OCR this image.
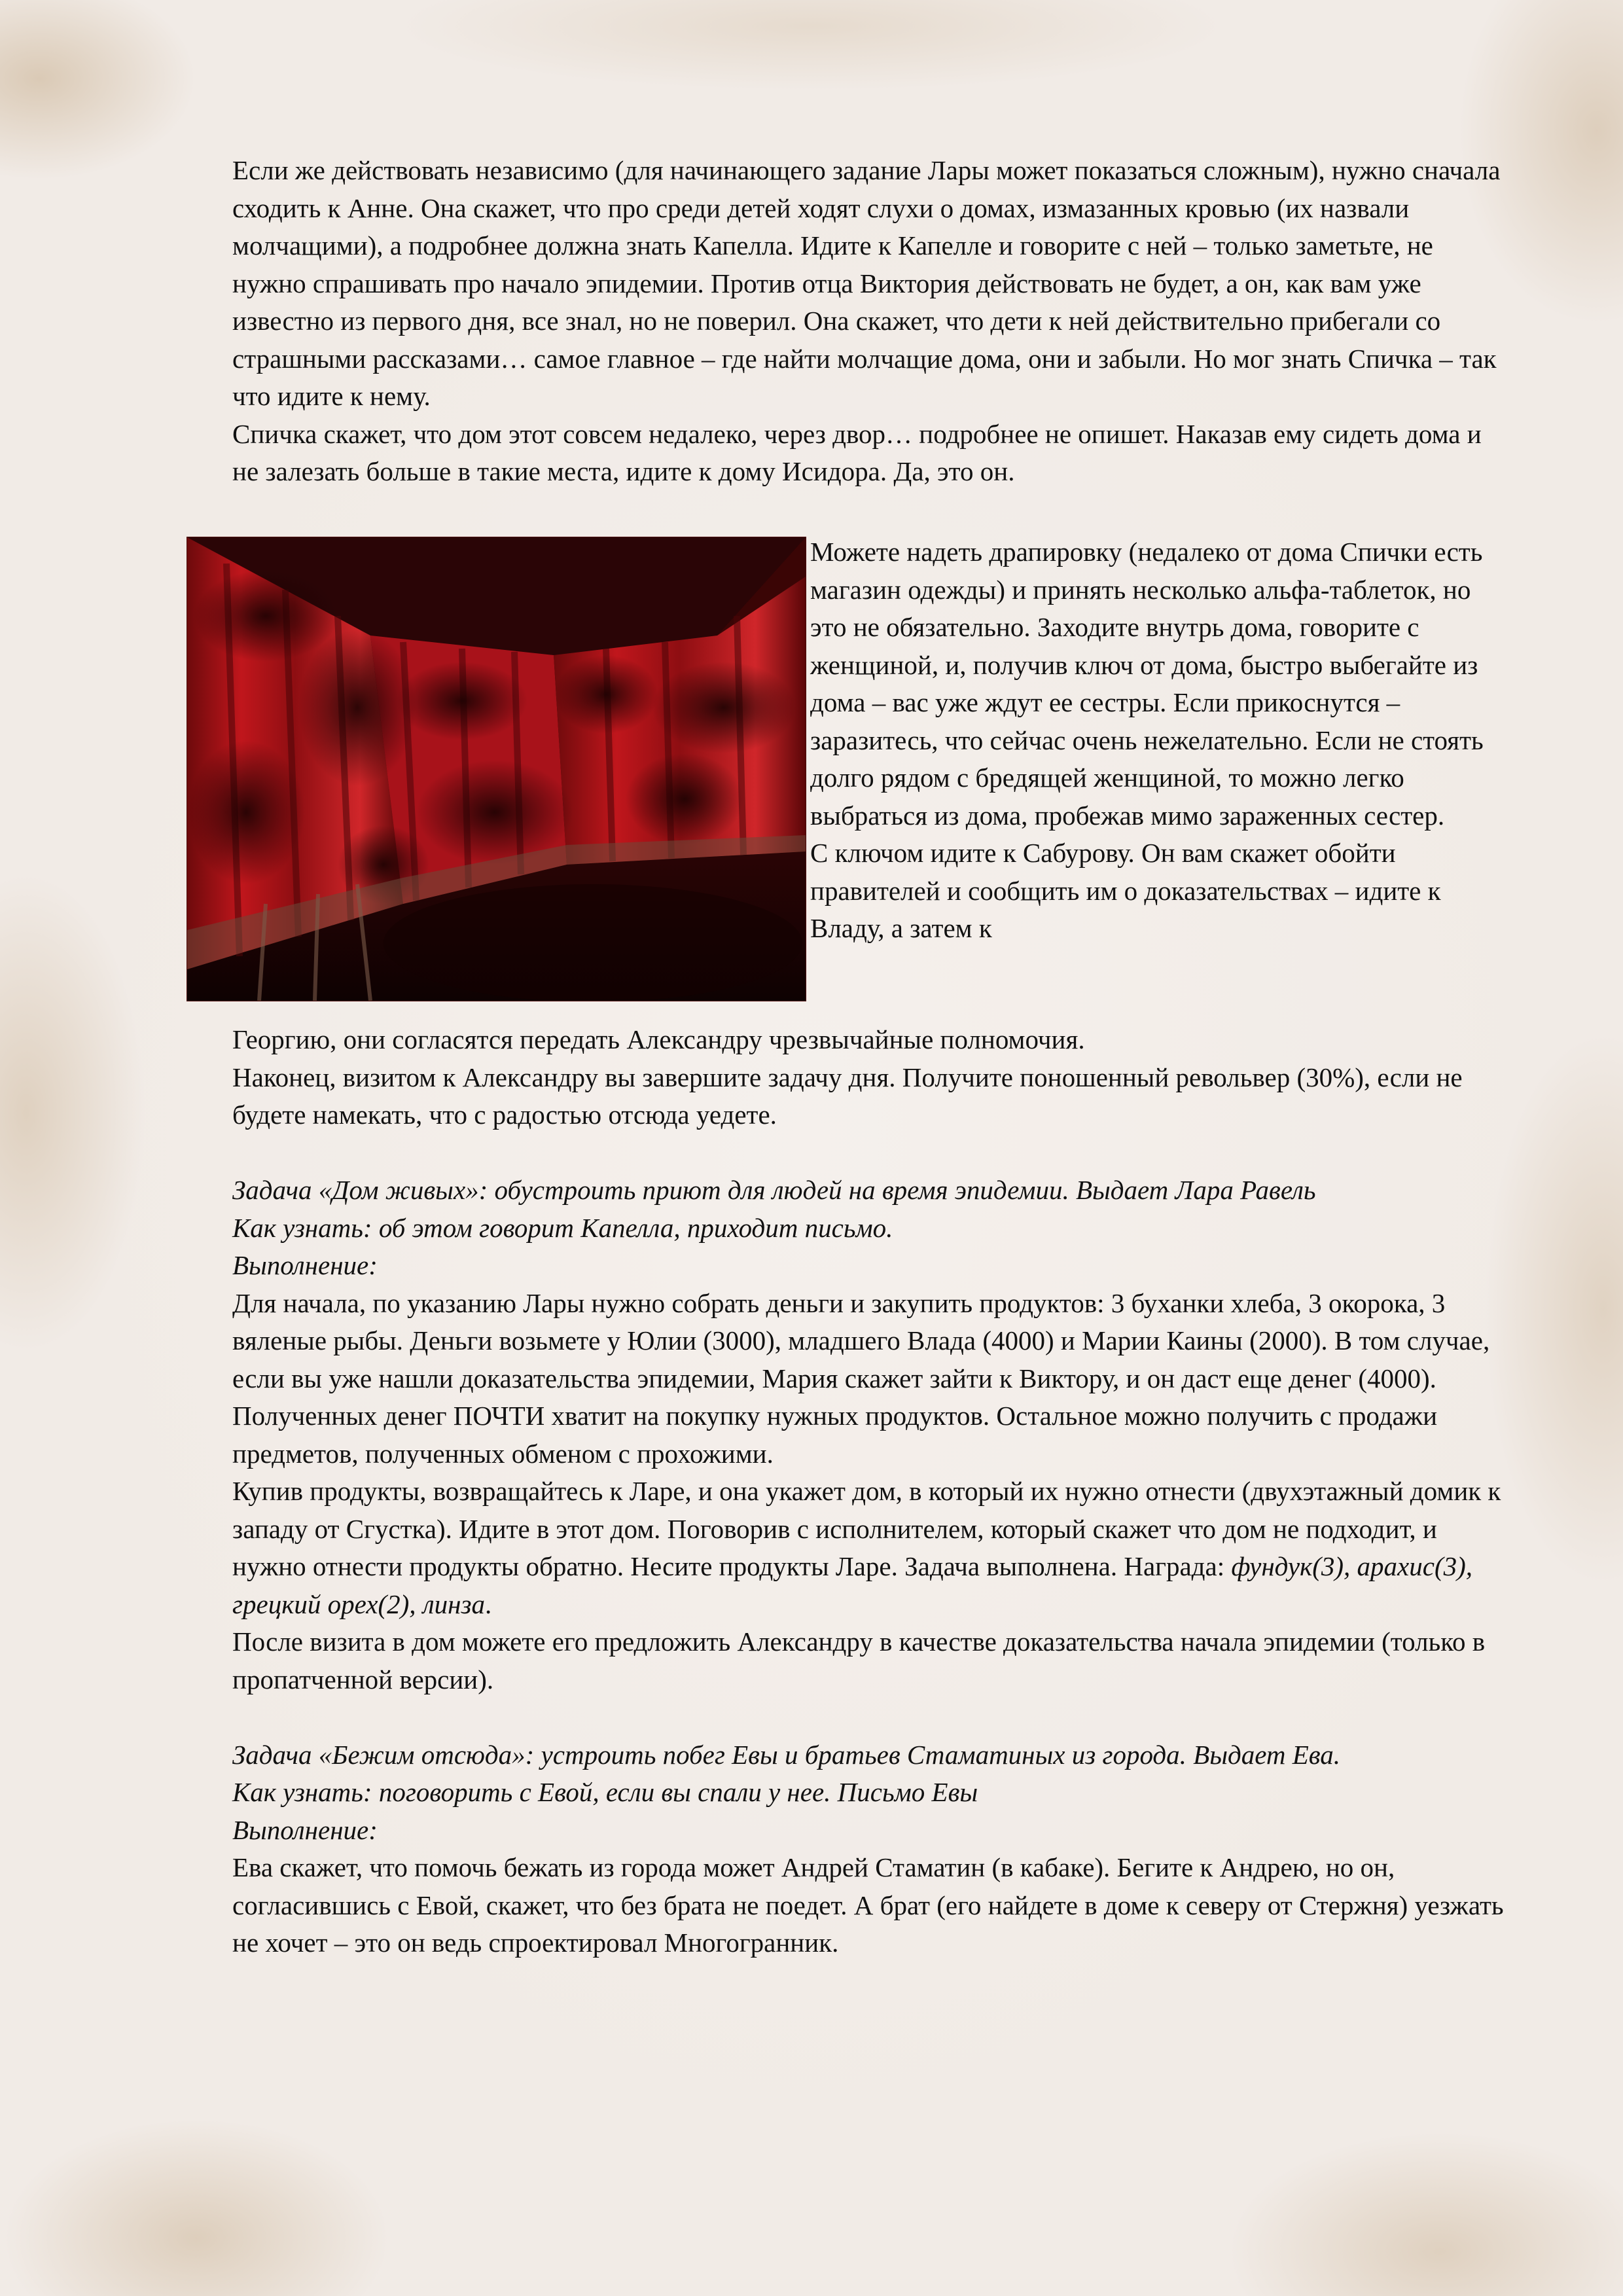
Если же действовать независимо (для начинающего задание Лары может показаться сложным), нужно сначала сходить к Анне. Она скажет, что про среди детей ходят слухи о домах, измазанных кровью (их назвали молчащими), а подробнее должна знать Капелла. Идите к Капелле и говорите с ней – только заметьте, не нужно спрашивать про начало эпидемии. Против отца Виктория действовать не будет, а он, как вам уже известно из первого дня, все знал, но не поверил. Она скажет, что дети к ней действительно прибегали со страшными рассказами… самое главное – где найти молчащие дома, они и забыли. Но мог знать Спичка – так что идите к нему.

Спичка скажет, что дом этот совсем недалеко, через двор… подробнее не опишет. Наказав ему сидеть дома и не залезать больше в такие места, идите к дому Исидора. Да, это он.

Можете надеть драпировку (недалеко от дома Спички есть магазин одежды) и принять несколько альфа-таблеток, но это не обязательно. Заходите внутрь дома, говорите с женщиной, и, получив ключ от дома, быстро выбегайте из дома – вас уже ждут ее сестры. Если прикоснутся – заразитесь, что сейчас очень нежелательно. Если не стоять долго рядом с бредящей женщиной, то можно легко выбраться из дома, пробежав мимо зараженных сестер.

С ключом идите к Сабурову. Он вам скажет обойти правителей и сообщить им о доказательствах – идите к Владу, а затем к

Георгию, они согласятся передать Александру чрезвычайные полномочия.

Наконец, визитом к Александру вы завершите задачу дня. Получите поношенный револьвер (30%), если не будете намекать, что с радостью отсюда уедете.

Задача «Дом живых»: обустроить приют для людей на время эпидемии. Выдает Лара Равель

Как узнать: об этом говорит Капелла, приходит письмо.

Выполнение:

Для начала, по указанию Лары нужно собрать деньги и закупить продуктов: 3 буханки хлеба, 3 окорока, 3 вяленые рыбы. Деньги возьмете у Юлии (3000), младшего Влада (4000) и Марии Каины (2000). В том случае, если вы уже нашли доказательства эпидемии, Мария скажет зайти к Виктору, и он даст еще денег (4000). Полученных денег ПОЧТИ хватит на покупку нужных продуктов. Остальное можно получить с продажи предметов, полученных обменом с прохожими.

Купив продукты, возвращайтесь к Ларе, и она укажет дом, в который их нужно отнести (двухэтажный домик к западу от Сгустка). Идите в этот дом. Поговорив с исполнителем, который скажет что дом не подходит, и нужно отнести продукты обратно. Несите продукты Ларе. Задача выполнена. Награда: фундук(3), арахис(3), грецкий орех(2), линза.

После визита в дом можете его предложить Александру в качестве доказательства начала эпидемии (только в пропатченной версии).

Задача «Бежим отсюда»: устроить побег Евы и братьев Стаматиных из города. Выдает Ева.

Как узнать: поговорить с Евой, если вы спали у нее. Письмо Евы

Выполнение:

Ева скажет, что помочь бежать из города может Андрей Стаматин (в кабаке). Бегите к Андрею, но он, согласившись с Евой, скажет, что без брата не поедет. А брат (его найдете в доме к северу от Стержня) уезжать не хочет – это он ведь спроектировал Многогранник.
